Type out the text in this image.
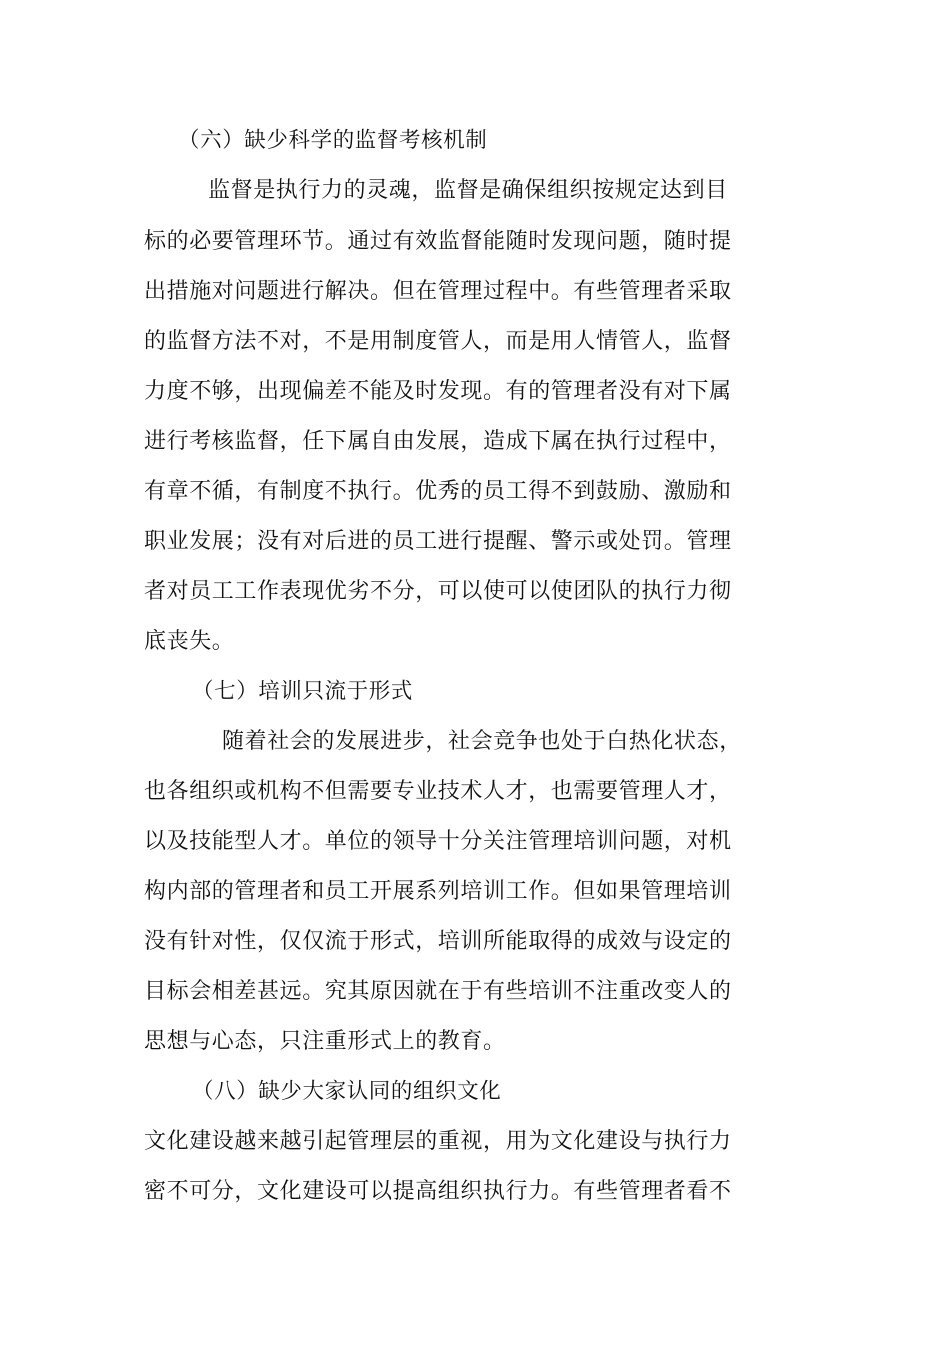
（六）缺少科学的监督考核机制
监督是执行力的灵魂，监督是确保组织按规定达到目
标的必要管理环节。通过有效监督能随时发现问题，随时提
出措施对问题进行解决。但在管理过程中。有些管理者采取
的监督方法不对，不是用制度管人，而是用人情管人，监督
力度不够，出现偏差不能及时发现。有的管理者没有对下属
进行考核监督，任下属自由发展，造成下属在执行过程中，
有章不循，有制度不执行。优秀的员工得不到鼓励、激励和
职业发展；没有对后进的员工进行提醒、警示或处罚。管理
者对员工工作表现优劣不分，可以使可以使团队的执行力彻
底丧失。
（七）培训只流于形式
随着社会的发展进步，社会竞争也处于白热化状态，
也各组织或机构不但需要专业技术人才，也需要管理人才，
以及技能型人才。单位的领导十分关注管理培训问题，对机
构内部的管理者和员工开展系列培训工作。但如果管理培训
没有针对性，仅仅流于形式，培训所能取得的成效与设定的
目标会相差甚远。究其原因就在于有些培训不注重改变人的
思想与心态，只注重形式上的教育。
（八）缺少大家认同的组织文化
文化建设越来越引起管理层的重视，用为文化建设与执行力
密不可分，文化建设可以提高组织执行力。有些管理者看不
